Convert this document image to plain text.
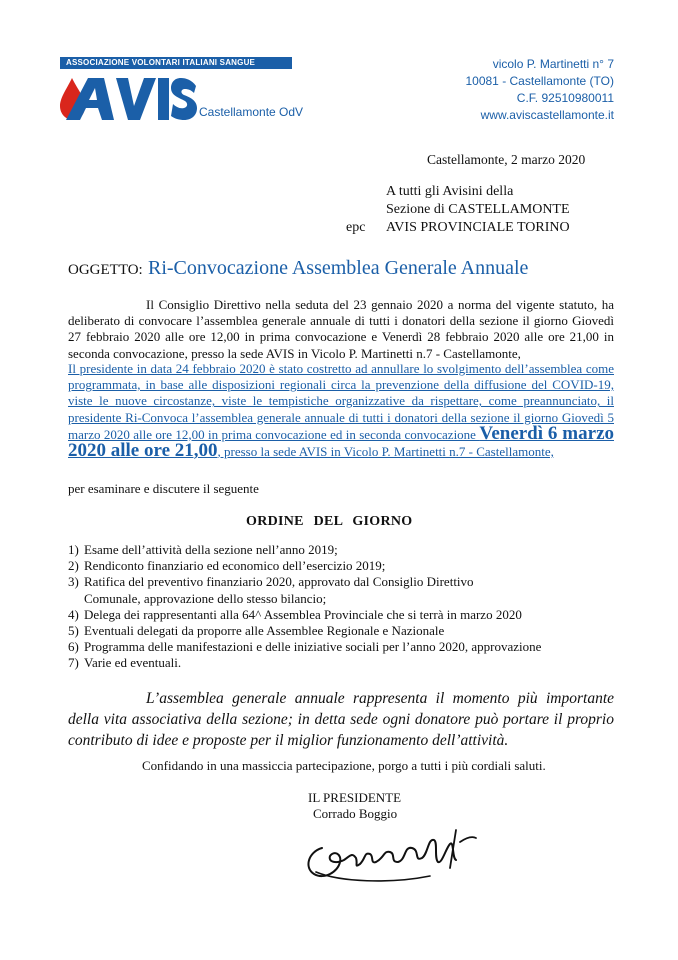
ASSOCIAZIONE VOLONTARI ITALIANI SANGUE
Castellamonte OdV
vicolo P. Martinetti n° 7
10081 - Castellamonte (TO)
C.F. 92510980011
www.aviscastellamonte.it
Castellamonte, 2 marzo 2020
A tutti gli Avisini della
Sezione di CASTELLAMONTE
epc AVIS PROVINCIALE TORINO
OGGETTO: Ri-Convocazione Assemblea Generale Annuale
Il Consiglio Direttivo nella seduta del 23 gennaio 2020 a norma del vigente statuto, ha deliberato di convocare l’assemblea generale annuale di tutti i donatori della sezione il giorno Giovedì 27 febbraio 2020 alle ore 12,00 in prima convocazione e Venerdì 28 febbraio 2020 alle ore 21,00 in seconda convocazione, presso la sede AVIS in Vicolo P. Martinetti n.7 - Castellamonte,
Il presidente in data 24 febbraio 2020 è stato costretto ad annullare lo svolgimento dell’assemblea come programmata, in base alle disposizioni regionali circa la prevenzione della diffusione del COVID-19, viste le nuove circostanze, viste le tempistiche organizzative da rispettare, come preannunciato, il presidente Ri-Convoca l’assemblea generale annuale di tutti i donatori della sezione il giorno Giovedì 5 marzo 2020 alle ore 12,00 in prima convocazione ed in seconda convocazione Venerdì 6 marzo 2020 alle ore 21,00, presso la sede AVIS in Vicolo P. Martinetti n.7 - Castellamonte,
per esaminare e discutere il seguente
ORDINE DEL GIORNO
1) Esame dell’attività della sezione nell’anno 2019;
2) Rendiconto finanziario ed economico dell’esercizio 2019;
3) Ratifica del preventivo finanziario 2020, approvato dal Consiglio Direttivo
Comunale, approvazione dello stesso bilancio;
4) Delega dei rappresentanti alla 64^ Assemblea Provinciale che si terrà in marzo 2020
5) Eventuali delegati da proporre alle Assemblee Regionale e Nazionale
6) Programma delle manifestazioni e delle iniziative sociali per l’anno 2020, approvazione
7) Varie ed eventuali.
L’assemblea generale annuale rappresenta il momento più importante della vita associativa della sezione; in detta sede ogni donatore può portare il proprio contributo di idee e proposte per il miglior funzionamento dell’attività.
Confidando in una massiccia partecipazione, porgo a tutti i più cordiali saluti.
IL PRESIDENTE
Corrado Boggio
